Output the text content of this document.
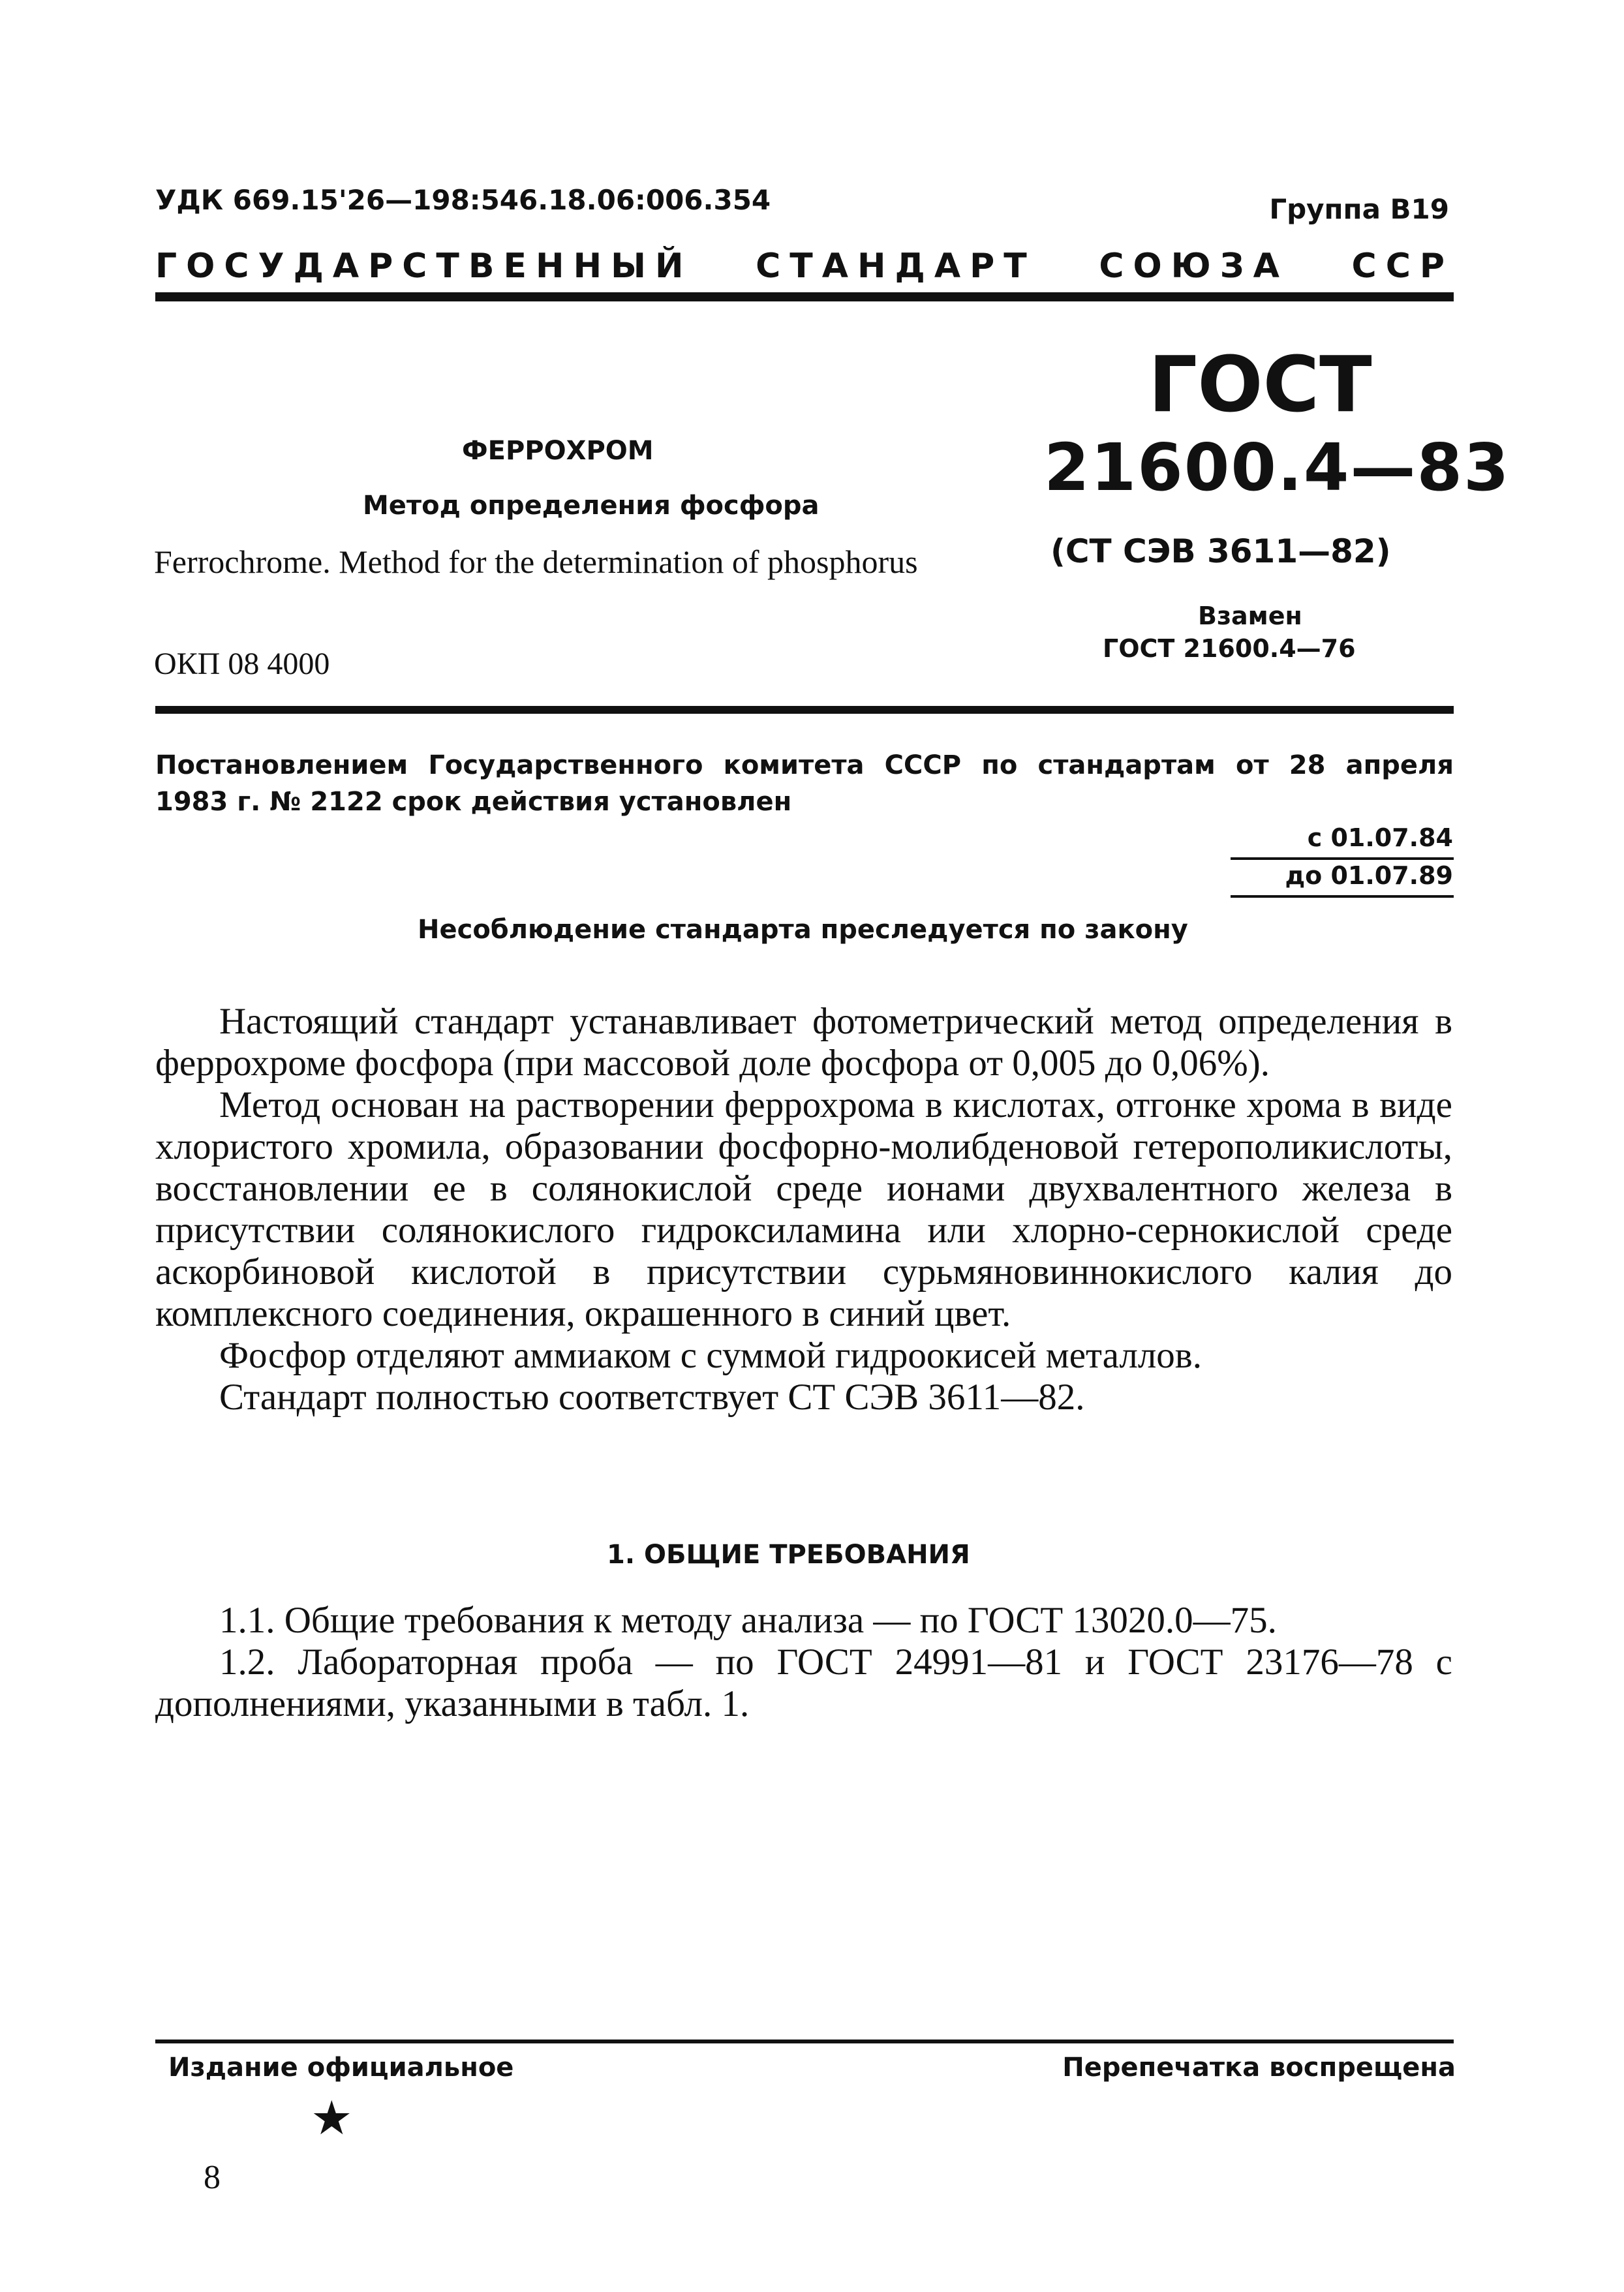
УДК 669.15'26—198:546.18.06:006.354	Группа В19
ГОСУДАРСТВЕННЫЙ СТАНДАРТ СОЮЗА ССР
ГОСТ
21600.4—83
ФЕРРОХРОМ
Метод определения фосфора
Ferrochrome. Method for the determination of phosphorus	(СТ СЭВ 3611—82)
Взамен
ГОСТ 21600.4—76
ОКП 08 4000
Постановлением Государственного комитета СССР по стандартам от 28 апреля
1983 г. № 2122 срок действия установлен
с 01.07.84
до 01.07.89
Несоблюдение стандарта преследуется по закону

Настоящий стандарт устанавливает фотометрический метод определения в феррохроме фосфора (при массовой доле фосфора от 0,005 до 0,06%).

Метод основан на растворении феррохрома в кислотах, отгонке хрома в виде хлористого хромила, образовании фосфорно-молибденовой гетерополикислоты, восстановлении ее в солянокислой среде ионами двухвалентного железа в присутствии солянокислого гидроксиламина или хлорно-сернокислой среде аскорбиновой кислотой в присутствии сурьмяновиннокислого калия до комплексного соединения, окрашенного в синий цвет.

Фосфор отделяют аммиаком с суммой гидроокисей металлов.

Стандарт полностью соответствует СТ СЭВ 3611—82.

1. ОБЩИЕ ТРЕБОВАНИЯ

1.1. Общие требования к методу анализа — по ГОСТ 13020.0—75.

1.2. Лабораторная проба — по ГОСТ 24991—81 и ГОСТ 23176—78 с дополнениями, указанными в табл. 1.

Издание официальное	Перепечатка воспрещена
★
8
